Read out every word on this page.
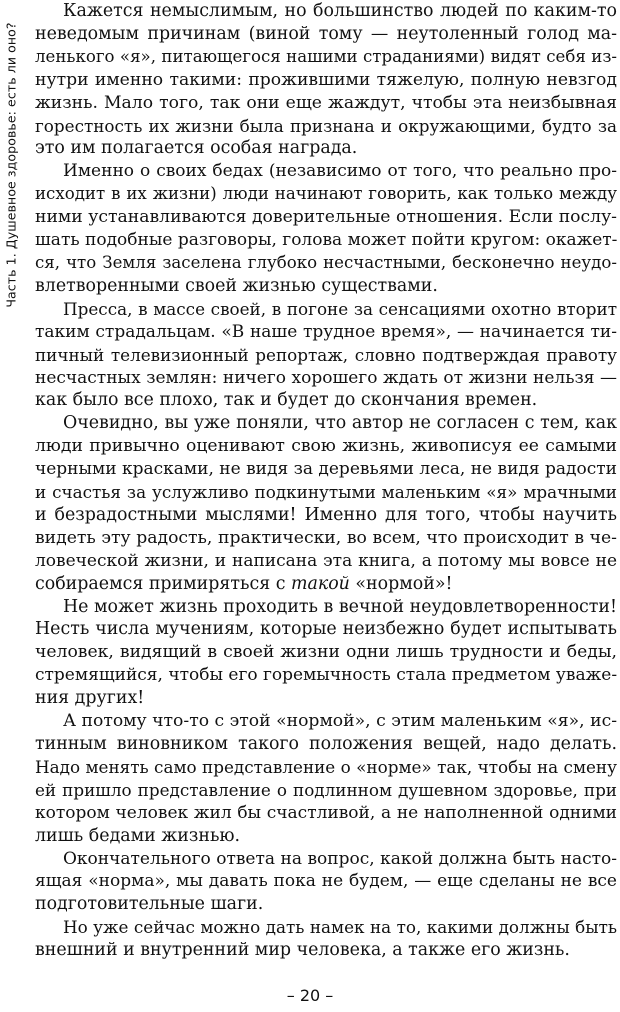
Часть 1. Душевное здоровье: есть ли оно?

Кажется немыслимым, но большинство людей по каким-то
неведомым причинам (виной тому — неутоленный голод ма-
ленького «я», питающегося нашими страданиями) видят себя из-
нутри именно такими: прожившими тяжелую, полную невзгод
жизнь. Мало того, так они еще жаждут, чтобы эта неизбывная
горестность их жизни была признана и окружающими, будто за
это им полагается особая награда.

Именно о своих бедах (независимо от того, что реально про-
исходит в их жизни) люди начинают говорить, как только между
ними устанавливаются доверительные отношения. Если послу-
шать подобные разговоры, голова может пойти кругом: окажет-
ся, что Земля заселена глубоко несчастными, бесконечно неудо-
влетворенными своей жизнью существами.

Пресса, в массе своей, в погоне за сенсациями охотно вторит
таким страдальцам. «В наше трудное время», — начинается ти-
пичный телевизионный репортаж, словно подтверждая правоту
несчастных землян: ничего хорошего ждать от жизни нельзя —
как было все плохо, так и будет до скончания времен.

Очевидно, вы уже поняли, что автор не согласен с тем, как
люди привычно оценивают свою жизнь, живописуя ее самыми
черными красками, не видя за деревьями леса, не видя радости
и счастья за услужливо подкинутыми маленьким «я» мрачными
и безрадостными мыслями! Именно для того, чтобы научить
видеть эту радость, практически, во всем, что происходит в че-
ловеческой жизни, и написана эта книга, а потому мы вовсе не
собираемся примиряться с такой «нормой»!

Не может жизнь проходить в вечной неудовлетворенности!
Несть числа мучениям, которые неизбежно будет испытывать
человек, видящий в своей жизни одни лишь трудности и беды,
стремящийся, чтобы его горемычность стала предметом уваже-
ния других!

А потому что-то с этой «нормой», с этим маленьким «я», ис-
тинным виновником такого положения вещей, надо делать.
Надо менять само представление о «норме» так, чтобы на смену
ей пришло представление о подлинном душевном здоровье, при
котором человек жил бы счастливой, а не наполненной одними
лишь бедами жизнью.

Окончательного ответа на вопрос, какой должна быть насто-
ящая «норма», мы давать пока не будем, — еще сделаны не все
подготовительные шаги.

Но уже сейчас можно дать намек на то, какими должны быть
внешний и внутренний мир человека, а также его жизнь.

– 20 –
